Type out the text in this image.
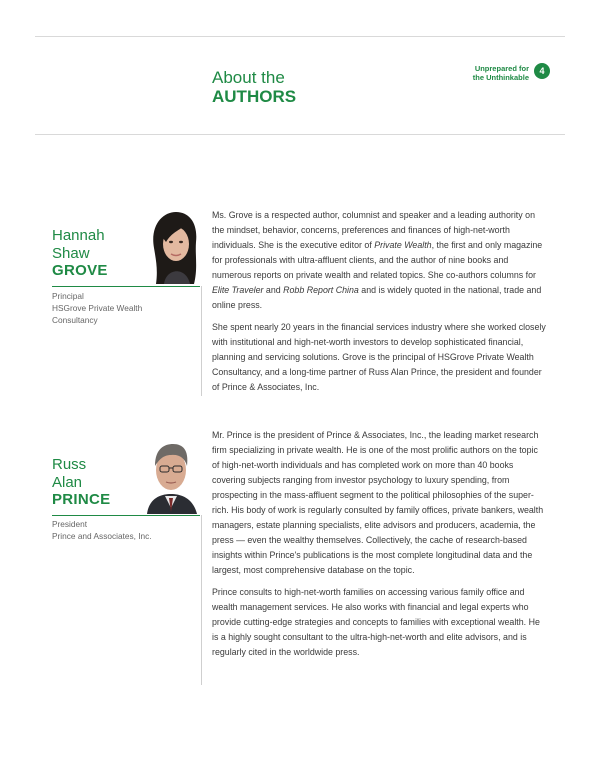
About the
AUTHORS
Unprepared for
the Unthinkable
4
Hannah
Shaw
GROVE
Principal
HSGrove Private Wealth
Consultancy

Ms. Grove is a respected author, columnist and speaker and a leading authority on the mindset, behavior, concerns, preferences and finances of high-net-worth individuals. She is the executive editor of Private Wealth, the first and only magazine for professionals with ultra-affluent clients, and the author of nine books and numerous reports on private wealth and related topics. She co-authors columns for Elite Traveler and Robb Report China and is widely quoted in the national, trade and online press.

She spent nearly 20 years in the financial services industry where she worked closely with institutional and high-net-worth investors to develop sophisticated financial, planning and servicing solutions. Grove is the principal of HSGrove Private Wealth Consultancy, and a long-time partner of Russ Alan Prince, the president and founder of Prince & Associates, Inc.

Russ
Alan
PRINCE
President
Prince and Associates, Inc.

Mr. Prince is the president of Prince & Associates, Inc., the leading market research firm specializing in private wealth. He is one of the most prolific authors on the topic of high-net-worth individuals and has completed work on more than 40 books covering subjects ranging from investor psychology to luxury spending, from prospecting in the mass-affluent segment to the political philosophies of the super-rich. His body of work is regularly consulted by family offices, private bankers, wealth managers, estate planning specialists, elite advisors and producers, academia, the press — even the wealthy themselves. Collectively, the cache of research-based insights within Prince's publications is the most complete longitudinal data and the largest, most comprehensive database on the topic.

Prince consults to high-net-worth families on accessing various family office and wealth management services. He also works with financial and legal experts who provide cutting-edge strategies and concepts to families with exceptional wealth. He is a highly sought consultant to the ultra-high-net-worth and elite advisors, and is regularly cited in the worldwide press.
